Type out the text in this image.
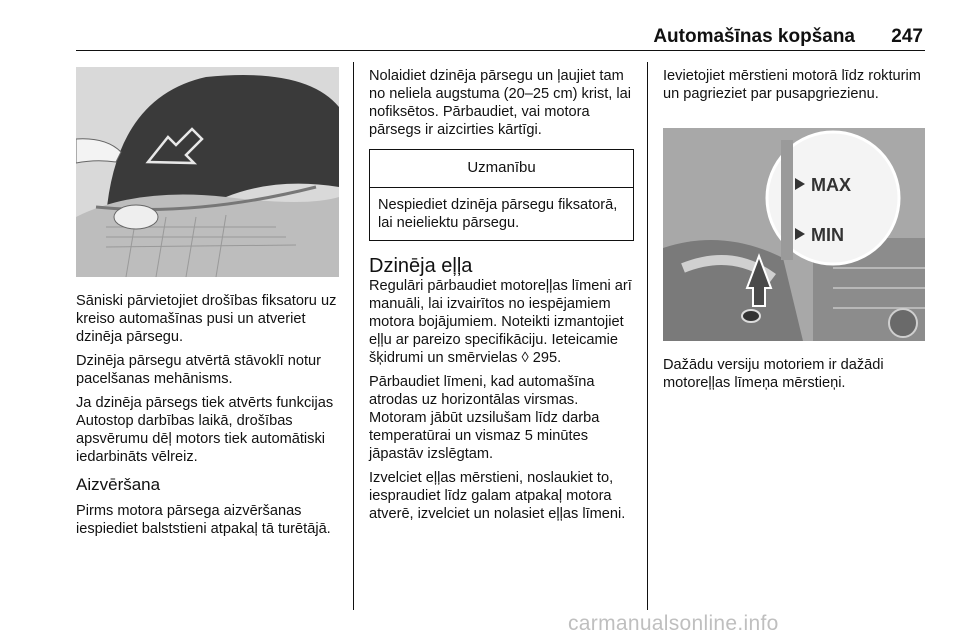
Automašīnas kopšana	247

Sāniski pārvietojiet drošības fiksatoru uz kreiso automašīnas pusi un atveriet dzinēja pārsegu.

Dzinēja pārsegu atvērtā stāvoklī notur pacelšanas mehānisms.

Ja dzinēja pārsegs tiek atvērts funkcijas Autostop darbības laikā, drošības apsvērumu dēļ motors tiek automātiski iedarbināts vēlreiz.

Aizvēršana

Pirms motora pārsega aizvēršanas iespiediet balststieni atpakaļ tā turētājā.

Nolaidiet dzinēja pārsegu un ļaujiet tam no neliela augstuma (20–25 cm) krist, lai nofiksētos. Pārbaudiet, vai motora pārsegs ir aizcirties kārtīgi.

Uzmanību
Nespiediet dzinēja pārsegu fiksatorā, lai neieliektu pārsegu.
Dzinēja eļļa

Regulāri pārbaudiet motoreļļas līmeni arī manuāli, lai izvairītos no iespējamiem motora bojājumiem. Noteikti izmantojiet eļļu ar pareizo specifikāciju. Ieteicamie šķidrumi un smērvielas ◊ 295.

Pārbaudiet līmeni, kad automašīna atrodas uz horizontālas virsmas. Motoram jābūt uzsilušam līdz darba temperatūrai un vismaz 5 minūtes jāpastāv izslēgtam.

Izvelciet eļļas mērstieni, noslaukiet to, iespraudiet līdz galam atpakaļ motora atverē, izvelciet un nolasiet eļļas līmeni.

Ievietojiet mērstieni motorā līdz rokturim un pagrieziet par pusapgriezienu.

MAX
MIN

Dažādu versiju motoriem ir dažādi motoreļļas līmeņa mērstieņi.

carmanualsonline.info
